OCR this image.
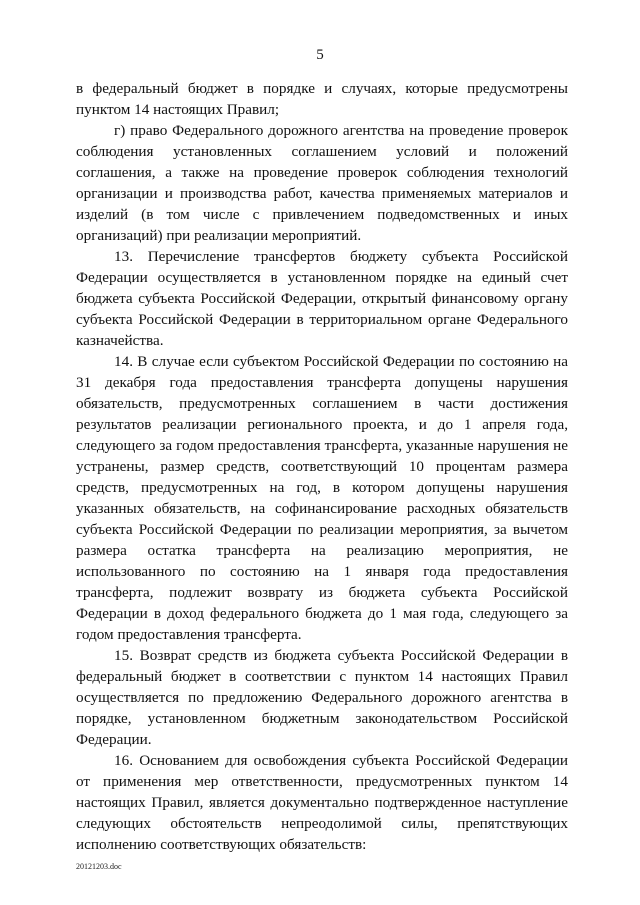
5

в федеральный бюджет в порядке и случаях, которые предусмотрены пунктом 14 настоящих Правил;

г) право Федерального дорожного агентства на проведение проверок соблюдения установленных соглашением условий и положений соглашения, а также на проведение проверок соблюдения технологий организации и производства работ, качества применяемых материалов и изделий (в том числе с привлечением подведомственных и иных организаций) при реализации мероприятий.

13. Перечисление трансфертов бюджету субъекта Российской Федерации осуществляется в установленном порядке на единый счет бюджета субъекта Российской Федерации, открытый финансовому органу субъекта Российской Федерации в территориальном органе Федерального казначейства.

14. В случае если субъектом Российской Федерации по состоянию на 31 декабря года предоставления трансферта допущены нарушения обязательств, предусмотренных соглашением в части достижения результатов реализации регионального проекта, и до 1 апреля года, следующего за годом предоставления трансферта, указанные нарушения не устранены, размер средств, соответствующий 10 процентам размера средств, предусмотренных на год, в котором допущены нарушения указанных обязательств, на софинансирование расходных обязательств субъекта Российской Федерации по реализации мероприятия, за вычетом размера остатка трансферта на реализацию мероприятия, не использованного по состоянию на 1 января года предоставления трансферта, подлежит возврату из бюджета субъекта Российской Федерации в доход федерального бюджета до 1 мая года, следующего за годом предоставления трансферта.

15. Возврат средств из бюджета субъекта Российской Федерации в федеральный бюджет в соответствии с пунктом 14 настоящих Правил осуществляется по предложению Федерального дорожного агентства в порядке, установленном бюджетным законодательством Российской Федерации.

16. Основанием для освобождения субъекта Российской Федерации от применения мер ответственности, предусмотренных пунктом 14 настоящих Правил, является документально подтвержденное наступление следующих обстоятельств непреодолимой силы, препятствующих исполнению соответствующих обязательств:

20121203.doc
